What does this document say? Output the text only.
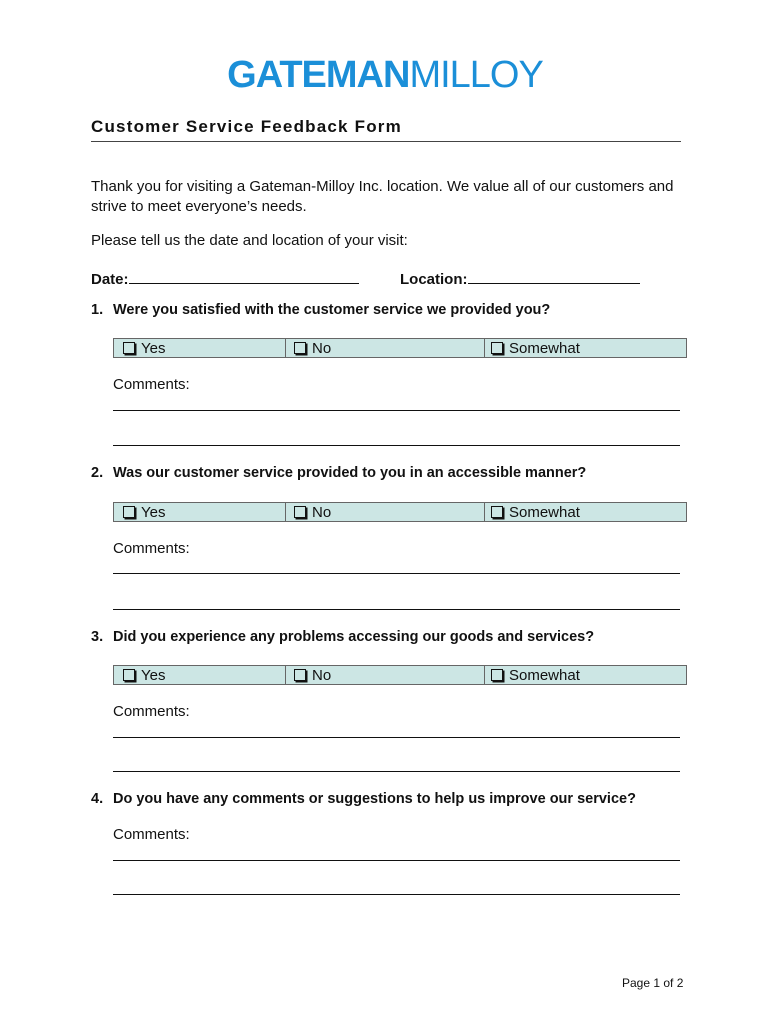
GATEMANMILLOY
Customer Service Feedback Form
Thank you for visiting a Gateman-Milloy Inc. location. We value all of our customers and strive to meet everyone’s needs.
Please tell us the date and location of your visit:
Date:	Location:
1. Were you satisfied with the customer service we provided you?
Yes	No	Somewhat
Comments:
2. Was our customer service provided to you in an accessible manner?
Yes	No	Somewhat
Comments:
3. Did you experience any problems accessing our goods and services?
Yes	No	Somewhat
Comments:
4. Do you have any comments or suggestions to help us improve our service?
Comments:
Page 1 of 2
